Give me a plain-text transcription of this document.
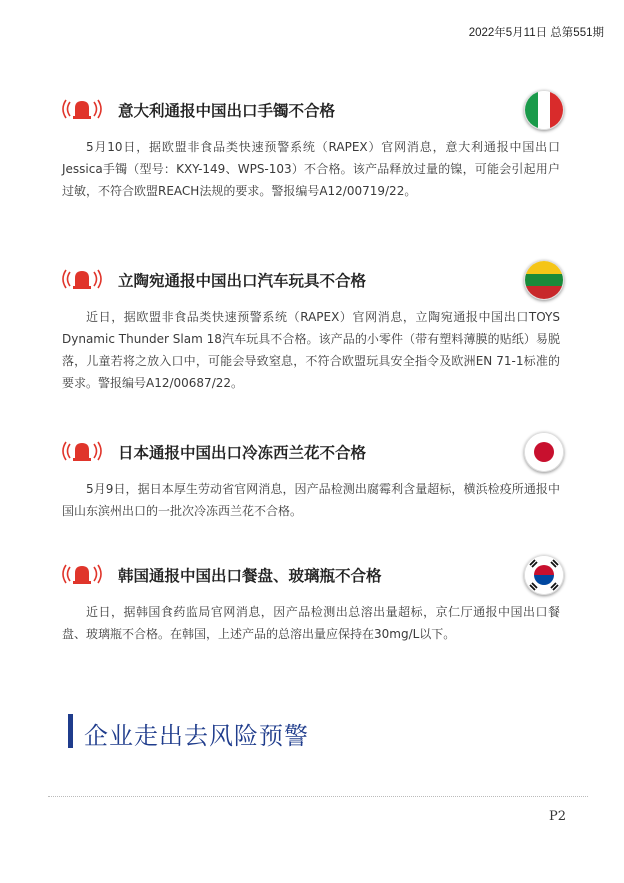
2022年5月11日 总第551期
意大利通报中国出口手镯不合格
5月10日，据欧盟非食品类快速预警系统（RAPEX）官网消息，意大利通报中国出口Jessica手镯（型号：KXY-149、WPS-103）不合格。该产品释放过量的镍，可能会引起用户过敏，不符合欧盟REACH法规的要求。警报编号A12/00719/22。
立陶宛通报中国出口汽车玩具不合格
近日，据欧盟非食品类快速预警系统（RAPEX）官网消息，立陶宛通报中国出口TOYS Dynamic Thunder Slam 18汽车玩具不合格。该产品的小零件（带有塑料薄膜的贴纸）易脱落，儿童若将之放入口中，可能会导致窒息，不符合欧盟玩具安全指令及欧洲EN 71-1标准的要求。警报编号A12/00687/22。
日本通报中国出口冷冻西兰花不合格
5月9日，据日本厚生劳动省官网消息，因产品检测出腐霉利含量超标，横浜检疫所通报中国山东滨州出口的一批次冷冻西兰花不合格。
韩国通报中国出口餐盘、玻璃瓶不合格
近日，据韩国食药监局官网消息，因产品检测出总溶出量超标，京仁厅通报中国出口餐盘、玻璃瓶不合格。在韩国，上述产品的总溶出量应保持在30mg/L以下。
企业走出去风险预警
P2
